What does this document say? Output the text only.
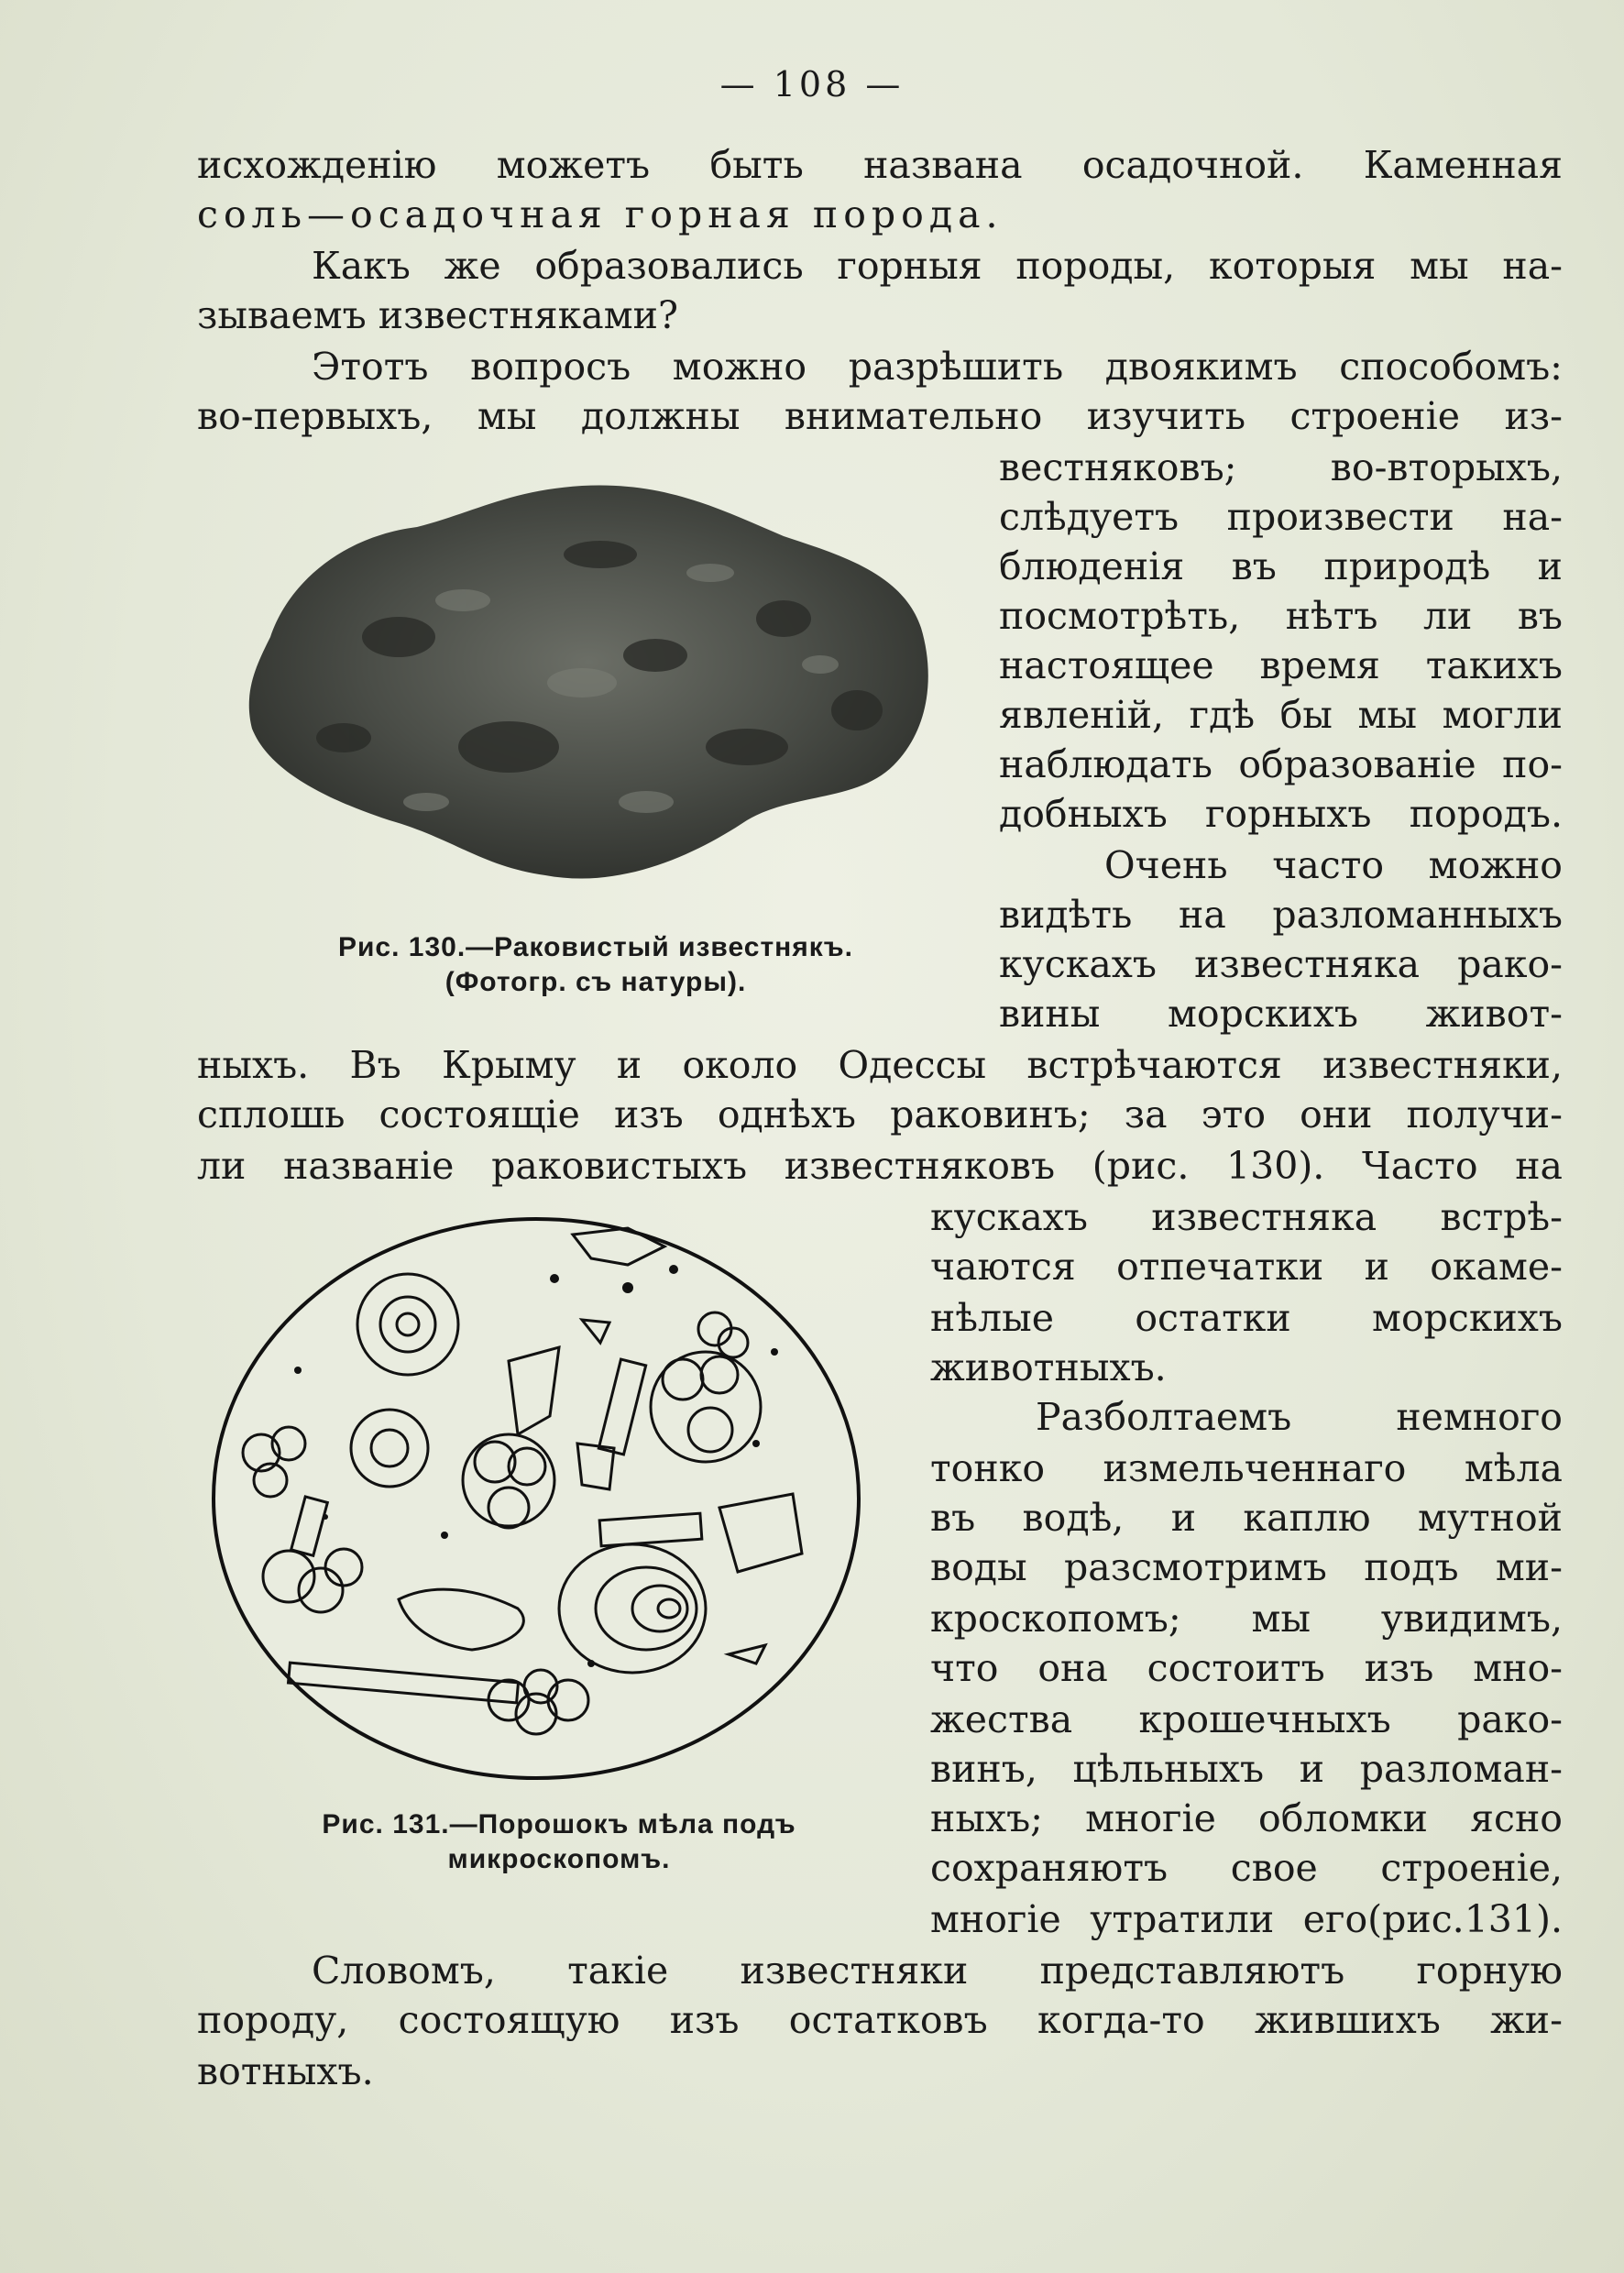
— 108 —
исхожденію можетъ быть названа осадочной. Каменная
соль—осадочная горная порода.
Какъ же образовались горныя породы, которыя мы на-
зываемъ известняками?
Этотъ вопросъ можно разрѣшить двоякимъ способомъ:
во-первыхъ, мы должны внимательно изучить строеніе из-
вестняковъ; во-вторыхъ,
слѣдуетъ произвести на-
блюденія въ природѣ и
посмотрѣть, нѣтъ ли въ
настоящее время такихъ
явленій, гдѣ бы мы могли
наблюдать образованіе по-
добныхъ горныхъ породъ.
Очень часто можно
видѣть на разломанныхъ
кускахъ известняка рако-
вины морскихъ живот-
ныхъ. Въ Крыму и около Одессы встрѣчаются известняки,
сплошь состоящіе изъ однѣхъ раковинъ; за это они получи-
ли названіе раковистыхъ известняковъ (рис. 130). Часто на
кускахъ известняка встрѣ-
чаются отпечатки и окаме-
нѣлые остатки морскихъ
животныхъ.
Разболтаемъ немного
тонко измельченнаго мѣла
въ водѣ, и каплю мутной
воды разсмотримъ подъ ми-
кроскопомъ; мы увидимъ,
что она состоитъ изъ мно-
жества крошечныхъ рако-
винъ, цѣльныхъ и разломан-
ныхъ; многіе обломки ясно
сохраняютъ свое строеніе,
многіе утратили его(рис.131).
Словомъ, такіе известняки представляютъ горную
породу, состоящую изъ остатковъ когда-то жившихъ жи-
вотныхъ.
Рис. 130.—Раковистый известнякъ.
(Фотогр. съ натуры).
Рис. 131.—Порошокъ мѣла подъ
микроскопомъ.
